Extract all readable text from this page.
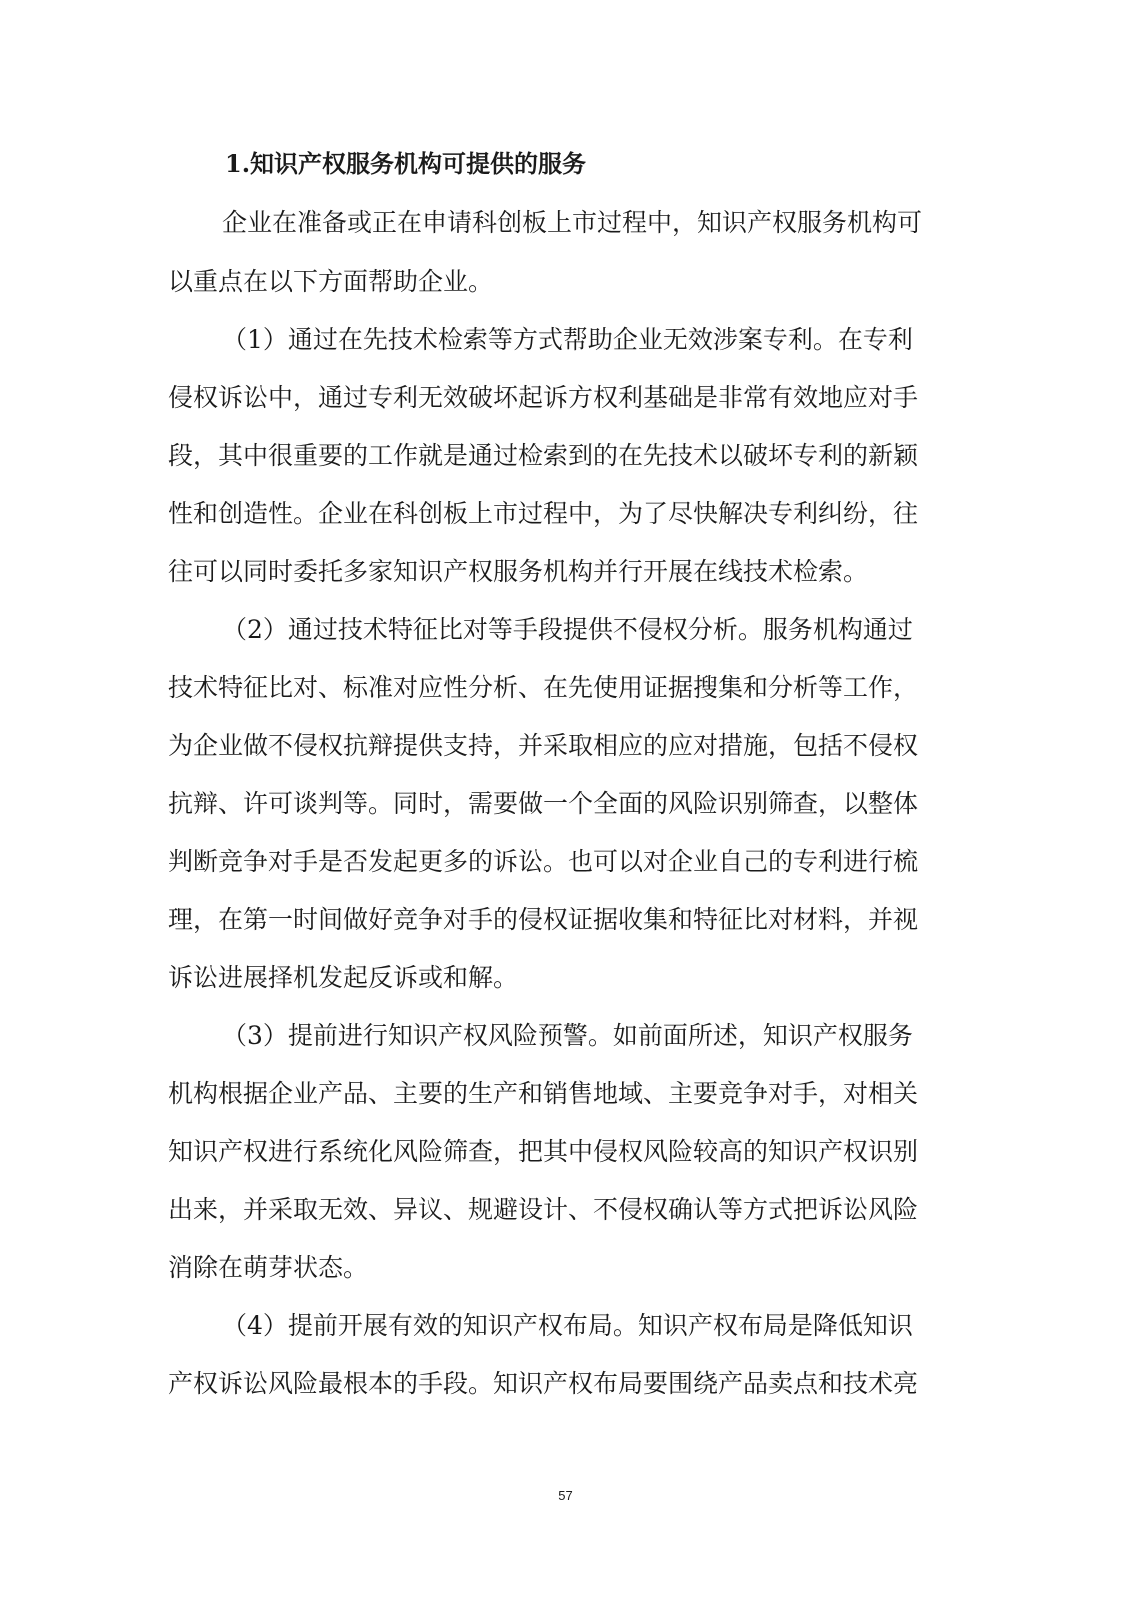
1.知识产权服务机构可提供的服务
企业在准备或正在申请科创板上市过程中，知识产权服务机构可
以重点在以下方面帮助企业。
（1）通过在先技术检索等方式帮助企业无效涉案专利。在专利
侵权诉讼中，通过专利无效破坏起诉方权利基础是非常有效地应对手
段，其中很重要的工作就是通过检索到的在先技术以破坏专利的新颖
性和创造性。企业在科创板上市过程中，为了尽快解决专利纠纷，往
往可以同时委托多家知识产权服务机构并行开展在线技术检索。
（2）通过技术特征比对等手段提供不侵权分析。服务机构通过
技术特征比对、标准对应性分析、在先使用证据搜集和分析等工作，
为企业做不侵权抗辩提供支持，并采取相应的应对措施，包括不侵权
抗辩、许可谈判等。同时，需要做一个全面的风险识别筛查，以整体
判断竞争对手是否发起更多的诉讼。也可以对企业自己的专利进行梳
理，在第一时间做好竞争对手的侵权证据收集和特征比对材料，并视
诉讼进展择机发起反诉或和解。
（3）提前进行知识产权风险预警。如前面所述，知识产权服务
机构根据企业产品、主要的生产和销售地域、主要竞争对手，对相关
知识产权进行系统化风险筛查，把其中侵权风险较高的知识产权识别
出来，并采取无效、异议、规避设计、不侵权确认等方式把诉讼风险
消除在萌芽状态。
（4）提前开展有效的知识产权布局。知识产权布局是降低知识
产权诉讼风险最根本的手段。知识产权布局要围绕产品卖点和技术亮
57
